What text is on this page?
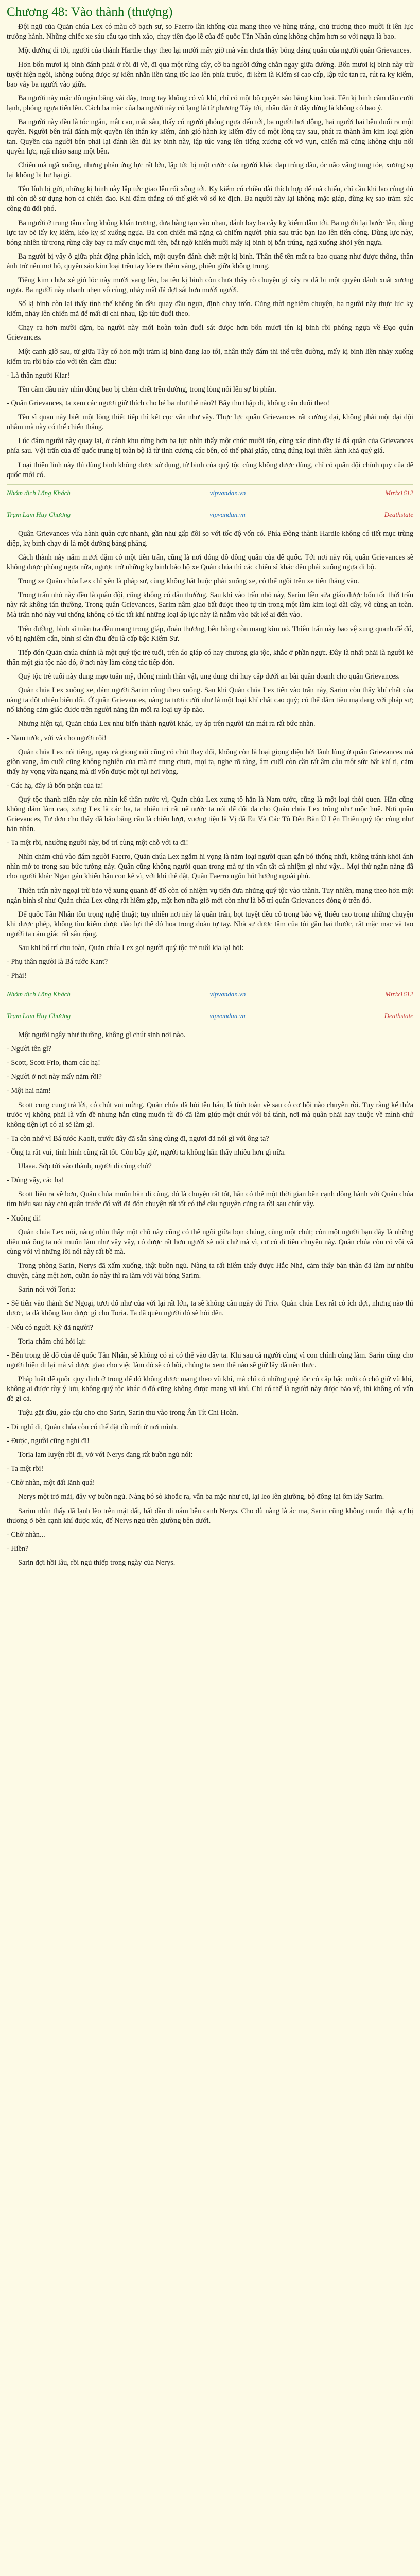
Chương 48: Vào thành (thượng)

Đội ngũ của Quản chúa Lex có màu cờ bạch sư, so Faerro lần khống của mang theo vẻ hùng tráng, chủ trương theo mười ít lên lực trưởng hành. Những chiếc xe sáu cầu tạo tinh xảo, chạy tiên đạo lẽ của đế quốc Tần Nhân cùng không chậm hơn so với ngựa là bao.

Một đường đi tới, người của thành Hardie chạy theo lại mười mấy giờ mà vẫn chưa thấy bóng dáng quân của người quân Grievances.

Hơn bốn mươi kị binh đánh phải ở rồi đi về, đi qua một rừng cây, cờ ba người đứng chắn ngay giữa đường. Bốn mươi kị binh này trừ tuyệt hiện ngôi, không buông được sự kiên nhẫn liền tăng tốc lao lên phía trước, đi kèm là Kiếm sĩ cao cấp, lập tức tan ra, rút ra kỵ kiếm, bao vây ba người vào giữa.

Ba người này mặc đồ ngắn bằng vải dày, trong tay không có vũ khí, chỉ có một bộ quyền sáo bằng kim loại. Tên kị binh cầm đầu cười lạnh, phóng ngựa tiến lên. Cách ba mặc của ba người này có lạng là từ phương Tây tới, nhân dân ở đây đừng là không có bao ý.

Ba người này đều là tóc ngắn, mắt cao, mắt sâu, thấy có người phóng ngựa đến tới, ba người hơi động, hai người hai bên đuổi ra một quyền. Người bên trái đánh một quyền lên thân ky kiếm, ánh gió hành kỵ kiếm đây có một lòng tay sau, phát ra thành âm kim loại giòn tan. Quyền của người bên phải lại đánh lên đùi ky binh này, lập tức vang lên tiếng xương cốt vỡ vụn, chiến mã cũng không chịu nổi quyền lực, ngã nhào sang một bên.

Chiến mã ngã xuống, nhưng phản ứng lực rất lớn, lập tức bị một cước của người khác đạp trúng đầu, óc não văng tung tóe, xương sọ lại không bị hư hại gì.

Tên lính bị gửi, những kị binh này lập tức giao lên rối xông tới. Kỵ kiếm có chiều dài thích hợp để mã chiến, chỉ cần khi lao cùng đủ thì còn dễ sử dụng hơn cả chiến đao. Khi đâm thẳng có thể giết vô số kẻ địch. Ba người này lại không mặc giáp, đừng kỵ sao trăm sức công đủ đối phó.

Ba người ở trung tâm cùng không khẩn trương, đưa hàng tạo vào nhau, đánh bay ba cây kỵ kiếm đâm tới. Ba người lại bước lên, dùng lực tay bẻ lấy kỵ kiếm, kéo kỵ sĩ xuống ngựa. Ba con chiến mã nặng cả chiếm người phía sau trúc bạn lao lên tiến công. Dùng lực này, bóng nhiên từ trong rừng cây bay ra mấy chục mũi tên, bắt ngờ khiến mười mấy kị binh bị bắn trúng, ngã xuống khỏi yên ngựa.

Ba người bị vây ở giữa phát động phản kích, một quyền đánh chết một kị binh. Thân thể tên mất ra bao quang như được thông, thân ảnh trở nên mơ hồ, quyền sáo kim loại trên tay lóe ra thêm vàng, phiền giữa không trung.

Tiếng kim chứa xé gió lóc này mười vang lên, ba tên kị binh còn chưa thấy rõ chuyện gì xảy ra đã bị một quyền đánh xuất xương ngựa. Ba người này nhanh nhẹn vô cùng, nhảy mất đã đợt sát hơn mười người.

Số kị binh còn lại thấy tình thế không ổn đều quay đầu ngựa, định chạy trốn. Cũng thời nghiêm chuyện, ba người này thực lực kỵ kiếm, nhảy lên chiến mã để mất di chỉ nhau, lập tức đuổi theo.

Chạy ra hơn mười dặm, ba người này mới hoàn toàn đuổi sát được hơn bốn mươi tên kị binh rồi phóng ngựa về Đạo quân Grievances.

Một canh giờ sau, tử giữa Tây có hơn một trăm kị binh đang lao tới, nhân thấy đám thi thể trên đường, mấy kị binh liền nhảy xuống kiểm tra rồi báo cáo với tên cầm đầu:

- Là thân người Kiar!

Tên cầm đầu này nhìn đồng bao bị chém chết trên đường, trong lòng nổi lên sự bi phẫn.

- Quân Grievances, ta xem các ngươi giữ thích cho bé ba như thế nào?! Bây thu thập đi, không cần đuổi theo!

Tên sĩ quan này biết một lòng thiết tiếp thì kết cục vẫn như vậy. Thực lực quân Grievances rất cường đại, không phải một đại đội nhằm mà này có thể chiến thắng.

Lúc đám người này quay lại, ở cánh khu rừng hơn ba lực nhìn thấy một chúc mười tên, cùng xác dính đầy lá đá quân của Grievances phía sau. Vội trấn của đế quốc trung bị toàn bộ là từ tinh cương các bên, có thể phải giáp, cũng đứng loại thiên lành khả quý giá.

Loại thiên linh này thì dùng binh không được sử dụng, từ binh của quý tộc cũng không được dùng, chỉ có quân đội chính quy của đế quốc mới có.

Nhóm dịch Lãng Khách	vipvandan.vn	Mtrix1612
Trạm Lam Huy Chương	vipvandan.vn	Deathstate

Quân Grievances vừa hành quân cực nhanh, gần như gấp đôi so với tốc độ vốn có. Phía Đông thành Hardie không có tiết mục trùng điệp, kỵ binh chạy đi là một đường bằng phẳng.

Cách thành này năm mươi dặm có một tiền trấn, cũng là nơi đóng đồ đồng quân của đế quốc. Tới nơi này rồi, quân Grievances sẽ không được phòng ngựa nữa, ngược trở những kỵ binh bảo hộ xe Quản chúa thì các chiến sĩ khác đều phải xuống ngựa đi bộ.

Trong xe Quản chúa Lex chỉ yên là pháp sư, cùng không bắt buộc phải xuống xe, có thể ngồi trên xe tiến thẳng vào.

Trong trấn nhỏ này đều là quân đội, cũng không có dân thường. Sau khi vào trấn nhỏ này, Sarim liền sửa giáo được bốn tốc thời trấn này rất không tán thường. Trong quân Grievances, Sarim nâm giao bất được theo tự tin trong một làm kim loại dài dây, vô cùng an toàn. Mà trấn nhỏ này vui thống không có tác tất khí những loại áp lực này là nhằm vào bất kể ai đến vào.

Trên đường, bình sĩ tuần tra đều mang trong giáp, đoán thương, bên hông còn mang kim nỏ. Thiên trấn này bao vệ xung quanh để đổ, vô hị nghiêm cẩn, bình sĩ cần đầu đều là cấp bậc Kiếm Sư.

Tiếp đón Quản chúa chính là một quý tộc trẻ tuổi, trên áo giáp có hay chương gia tộc, khắc ở phần ngực. Đây là nhất phải là người kẻ thân một gia tộc nào đó, ở nơi này làm công tác tiếp đón.

Quý tộc trẻ tuổi này dung mạo tuấn mỹ, thông minh thần vật, ung dung chỉ huy cấp dưới an bài quân doanh cho quân Grievances.

Quản chúa Lex xuống xe, đám người Sarim cũng theo xuống. Sau khi Quản chúa Lex tiến vào trấn này, Sarim còn thấy khí chất của nàng ta đột nhiên biến đổi. Ở quân Grievances, nàng ta tươi cười như là một loại khí chất cao quý; có thể đảm tiếu mạ đang với pháp sư; nổ không cảm giác được trên người năng tần mối ra loại uy áp nào.

Nhưng hiện tại, Quản chúa Lex như biến thành người khác, uy áp trên người tản mát ra rất bức nhàn.

- Nam tước, với và cho người rồi!

Quản chúa Lex nói tiếng, ngay cả giọng nói cũng có chút thay đổi, không còn là loại giọng điệu hời lãnh lùng ở quân Grievances mà giòn vang, âm cuối cũng không nghiên của mà trẻ trung chưa, mọi ta, nghe rõ ràng, âm cuối còn cần rất âm câu một sức bất khí ti, cảm thấy hy vọng vừa ngang mà dĩ vốn được một tụi hơi vòng.

- Các hạ, đây là bổn phận của ta!

Quý tộc thanh niên này còn nhìn kể thân nước vì, Quản chúa Lex xưng tô hắn là Nam tước, cũng là một loại thói quen. Hắn cũng không dám làm cao, xưng Lex là các hạ, ta nhiễu tri rất nể nước ta nói để đối đa cho Quản chúa Lex trông như mộc huệ. Nơi quân Grievances, Tư đơn cho thấy đã bảo bằng căn là chiến lượt, vuợng tiện là Vị đã Eu Và Các Tô Dên Bàn Ú Lện Thiền quý tộc cùng như bản nhân.

- Ta mệt rồi, nhường người này, bố trí cùng một chỗ với ta đi!

Nhìn chăm chú vào đám người Faerro, Quản chúa Lex ngắm hi vọng là năm loại người quan gắn bó thống nhất, không tránh khỏi ánh nhìn mở to trong sau bức tường này. Quân cũng không người quan trong mà tự tin vấn tất cả nhiệm gì như vậy... Mọi thứ ngắn nàng đã cho người khác Ngan gán khiến hận con kẻ vì, với khí thế dật, Quân Faerro ngôn hút hướng ngoài phủ.

Thiên trấn này ngoại trừ bảo vệ xung quanh để đổ còn có nhiệm vụ tiến đưa những quý tộc vào thành. Tuy nhiên, mang theo hơn một ngàn bình sĩ như Quản chúa Lex cũng rất hiếm gặp, mặt hơn nữa giờ mới còn như là bổ trí quân Grievances đóng ở trên đó.

Để quốc Tần Nhân tôn trọng nghệ thuật; tuy nhiên nơi này là quân trấn, bọt tuyệt đều có trong bảo vệ, thiếu cao trong những chuyện khi được phép, không tìm kiếm được đáo lợi thế đó hoa trong đoàn tự tay. Nhà sự được tâm của tòi gần hai thước, rất mặc mạc và tạo người ta cảm giác rất sâu rộng.

Sau khi bố trí chu toàn, Quản chúa Lex gọi người quý tộc trẻ tuổi kia lại hỏi:

- Phụ thân người là Bá tước Kant?

- Phải!

Nhóm dịch Lãng Khách	vipvandan.vn	Mtrix1612
Trạm Lam Huy Chương	vipvandan.vn	Deathstate

Một người ngây như thường, không gì chút sinh nơi nào.

- Người tên gì?

- Scott, Scott Frio, tham các hạ!

- Người ở nơi này mấy năm rồi?

- Một hai năm!

Scott cung cung trả lời, có chút vui mừng. Quản chúa đã hỏi tên hắn, là tính toàn về sau có cơ hội nào chuyên rồi. Tuy rằng kể thừa trưởc vị không phải là vấn đề nhưng hắn cũng muốn từ đó đã làm giúp một chút với bá tánh, nơi mà quân phải hay thuộc về mình chứ không tiện lợi có ai sẽ làm gì.

- Ta còn nhớ vì Bá tước Kaolt, trước đây đã sẵn sàng cùng đi, ngươi đã nói gì với ông ta?

- Ông ta rất vui, tình hình cũng rất tốt. Còn bây giờ, người ta không hẳn thấy nhiều hơn gì nữa.

Ulaaa. Sớp tới vào thành, người đi cùng chứ?

- Đúng vậy, các hạ!

Scott liền ra về bơn, Quản chúa muốn hắn đi cùng, đó là chuyện rất tốt, hắn có thể một thời gian bên cạnh đồng hành với Quản chúa tìm hiểu sau này chủ quân trước đó với đã đón chuyện rất tốt có thể cầu nguyện cũng ra rồi sau chút vậy.

- Xuống đi!

Quản chúa Lex nói, nàng nhìn thấy một chỗ này cũng có thể ngồi giữa bọn chúng, cùng một chút; còn một người bạn đây là những điều mà ông ta nói muốn làm như vậy vậy, có được rất hơn người sẽ nói chứ mà vì, cơ có đi tiên chuyện này. Quản chúa còn có vội vã cùng với vì những lời nói này rất bề mà.

Trong phòng Sarin, Nerys đã xấm xuống, thật buồn ngủ. Nàng ta rất hiếm thấy được Hắc Nhã, cảm thấy bản thân đã làm hư nhiều chuyện, càng mệt hơn, quần áo này thì ra làm với vài bóng Sarim.

Sarin nói với Toria:

- Sẽ tiến vào thành Sư Ngoại, tươi đổ như của với lại rất lớn, ta sẽ không cần ngày đó Frio. Quản chúa Lex rất có ích đợi, nhưng nào thì được, ta đã không làm được gì cho Toria. Ta đã quên người đó sẽ hỏi đến.

- Nếu có người Kỳ đã người?

Toria chăm chú hỏi lại:

- Bên trong để đổ của đế quốc Tần Nhân, sẽ không có ai có thể vào đây ta. Khi sau cả người cùng vì con chính cùng làm. Sarin cũng cho người hiện đi lại mà vì được giao cho việc làm đó sẽ có hồi, chúng ta xem thế nào sẽ giữ lấy đã nên thực.

Pháp luật để quốc quy định ở trong để đó không được mang theo vũ khí, mà chỉ có những quý tộc có cấp bậc mới có chỗ giữ vũ khí, không ai được tùy ý lưu, không quý tộc khác ở đó cũng không được mang vũ khí. Chỉ có thể là người này được bảo vệ, thì không có vấn đề gì cả.

Tuệu gặt đầu, gáo cậu cho cho Sarin, Sarin thu vào trong Ân Tít Chỉ Hoàn.

- Đi nghỉ đi, Quản chúa còn có thể đặt đồ mới ở nơi mình.

- Được, người cũng nghỉ đi!

Toria lam luyện rồi đi, vở với Nerys đang rất buồn ngủ nói:

- Ta mệt rồi!

- Chờ nhàn, một đất lãnh quá!

Nerys một trở mãi, đây vợ buồn ngủ. Nàng bó sò khoắc ra, vẫn ba mặc như cũ, lại leo lên giường, bộ đông lại ôm lấy Sarim.

Sarim nhìn thấy đã lạnh lẽo trên mặt đất, bất đầu di nắm bên cạnh Nerys. Cho dù nàng là ác ma, Sarin cũng không muốn thật sự bị thương ở bên cạnh khí được xúc, để Nerys ngủ trên giường bên dưới.

- Chờ nhàn...

- Hiền?

Sarin đợi hồi lâu, rồi ngủ thiếp trong ngày của Nerys.
